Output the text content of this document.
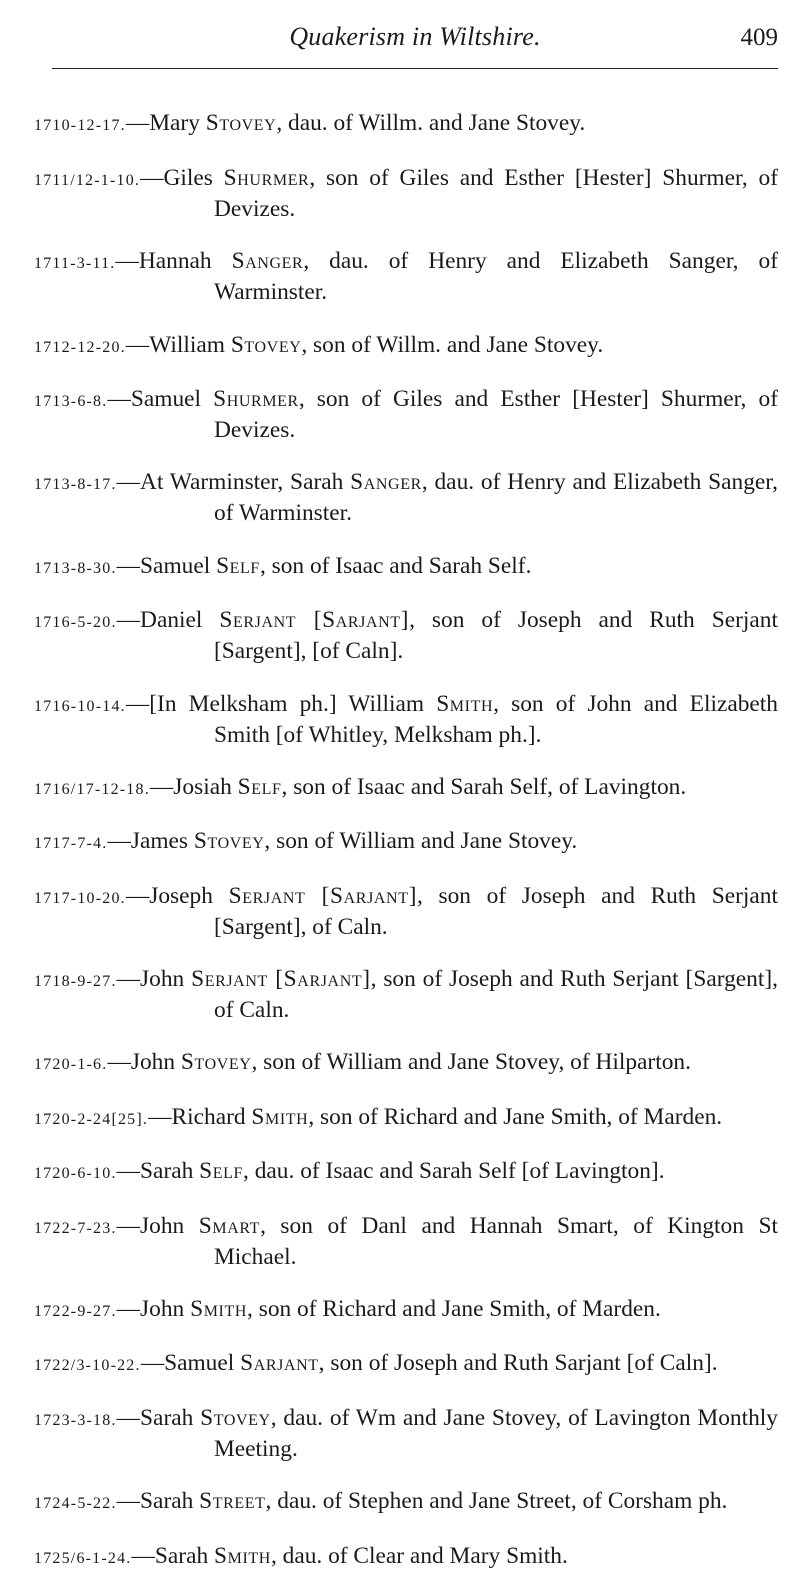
Quakerism in Wiltshire.	409

1710-12-17.—Mary Stovey, dau. of Willm. and Jane Stovey.

1711/12-1-10.—Giles Shurmer, son of Giles and Esther [Hester] Shurmer, of Devizes.

1711-3-11.—Hannah Sanger, dau. of Henry and Elizabeth Sanger, of Warminster.

1712-12-20.—William Stovey, son of Willm. and Jane Stovey.

1713-6-8.—Samuel Shurmer, son of Giles and Esther [Hester] Shurmer, of Devizes.

1713-8-17.—At Warminster, Sarah Sanger, dau. of Henry and Elizabeth Sanger, of Warminster.

1713-8-30.—Samuel Self, son of Isaac and Sarah Self.

1716-5-20.—Daniel Serjant [Sarjant], son of Joseph and Ruth Serjant [Sargent], [of Caln].

1716-10-14.—[In Melksham ph.] William Smith, son of John and Elizabeth Smith [of Whitley, Melksham ph.].

1716/17-12-18.—Josiah Self, son of Isaac and Sarah Self, of Lavington.

1717-7-4.—James Stovey, son of William and Jane Stovey.

1717-10-20.—Joseph Serjant [Sarjant], son of Joseph and Ruth Serjant [Sargent], of Caln.

1718-9-27.—John Serjant [Sarjant], son of Joseph and Ruth Serjant [Sargent], of Caln.

1720-1-6.—John Stovey, son of William and Jane Stovey, of Hilparton.

1720-2-24[25].—Richard Smith, son of Richard and Jane Smith, of Marden.

1720-6-10.—Sarah Self, dau. of Isaac and Sarah Self [of Lavington].

1722-7-23.—John Smart, son of Danl and Hannah Smart, of Kington St Michael.

1722-9-27.—John Smith, son of Richard and Jane Smith, of Marden.

1722/3-10-22.—Samuel Sarjant, son of Joseph and Ruth Sarjant [of Caln].

1723-3-18.—Sarah Stovey, dau. of Wm and Jane Stovey, of Lavington Monthly Meeting.

1724-5-22.—Sarah Street, dau. of Stephen and Jane Street, of Corsham ph.

1725/6-1-24.—Sarah Smith, dau. of Clear and Mary Smith.
